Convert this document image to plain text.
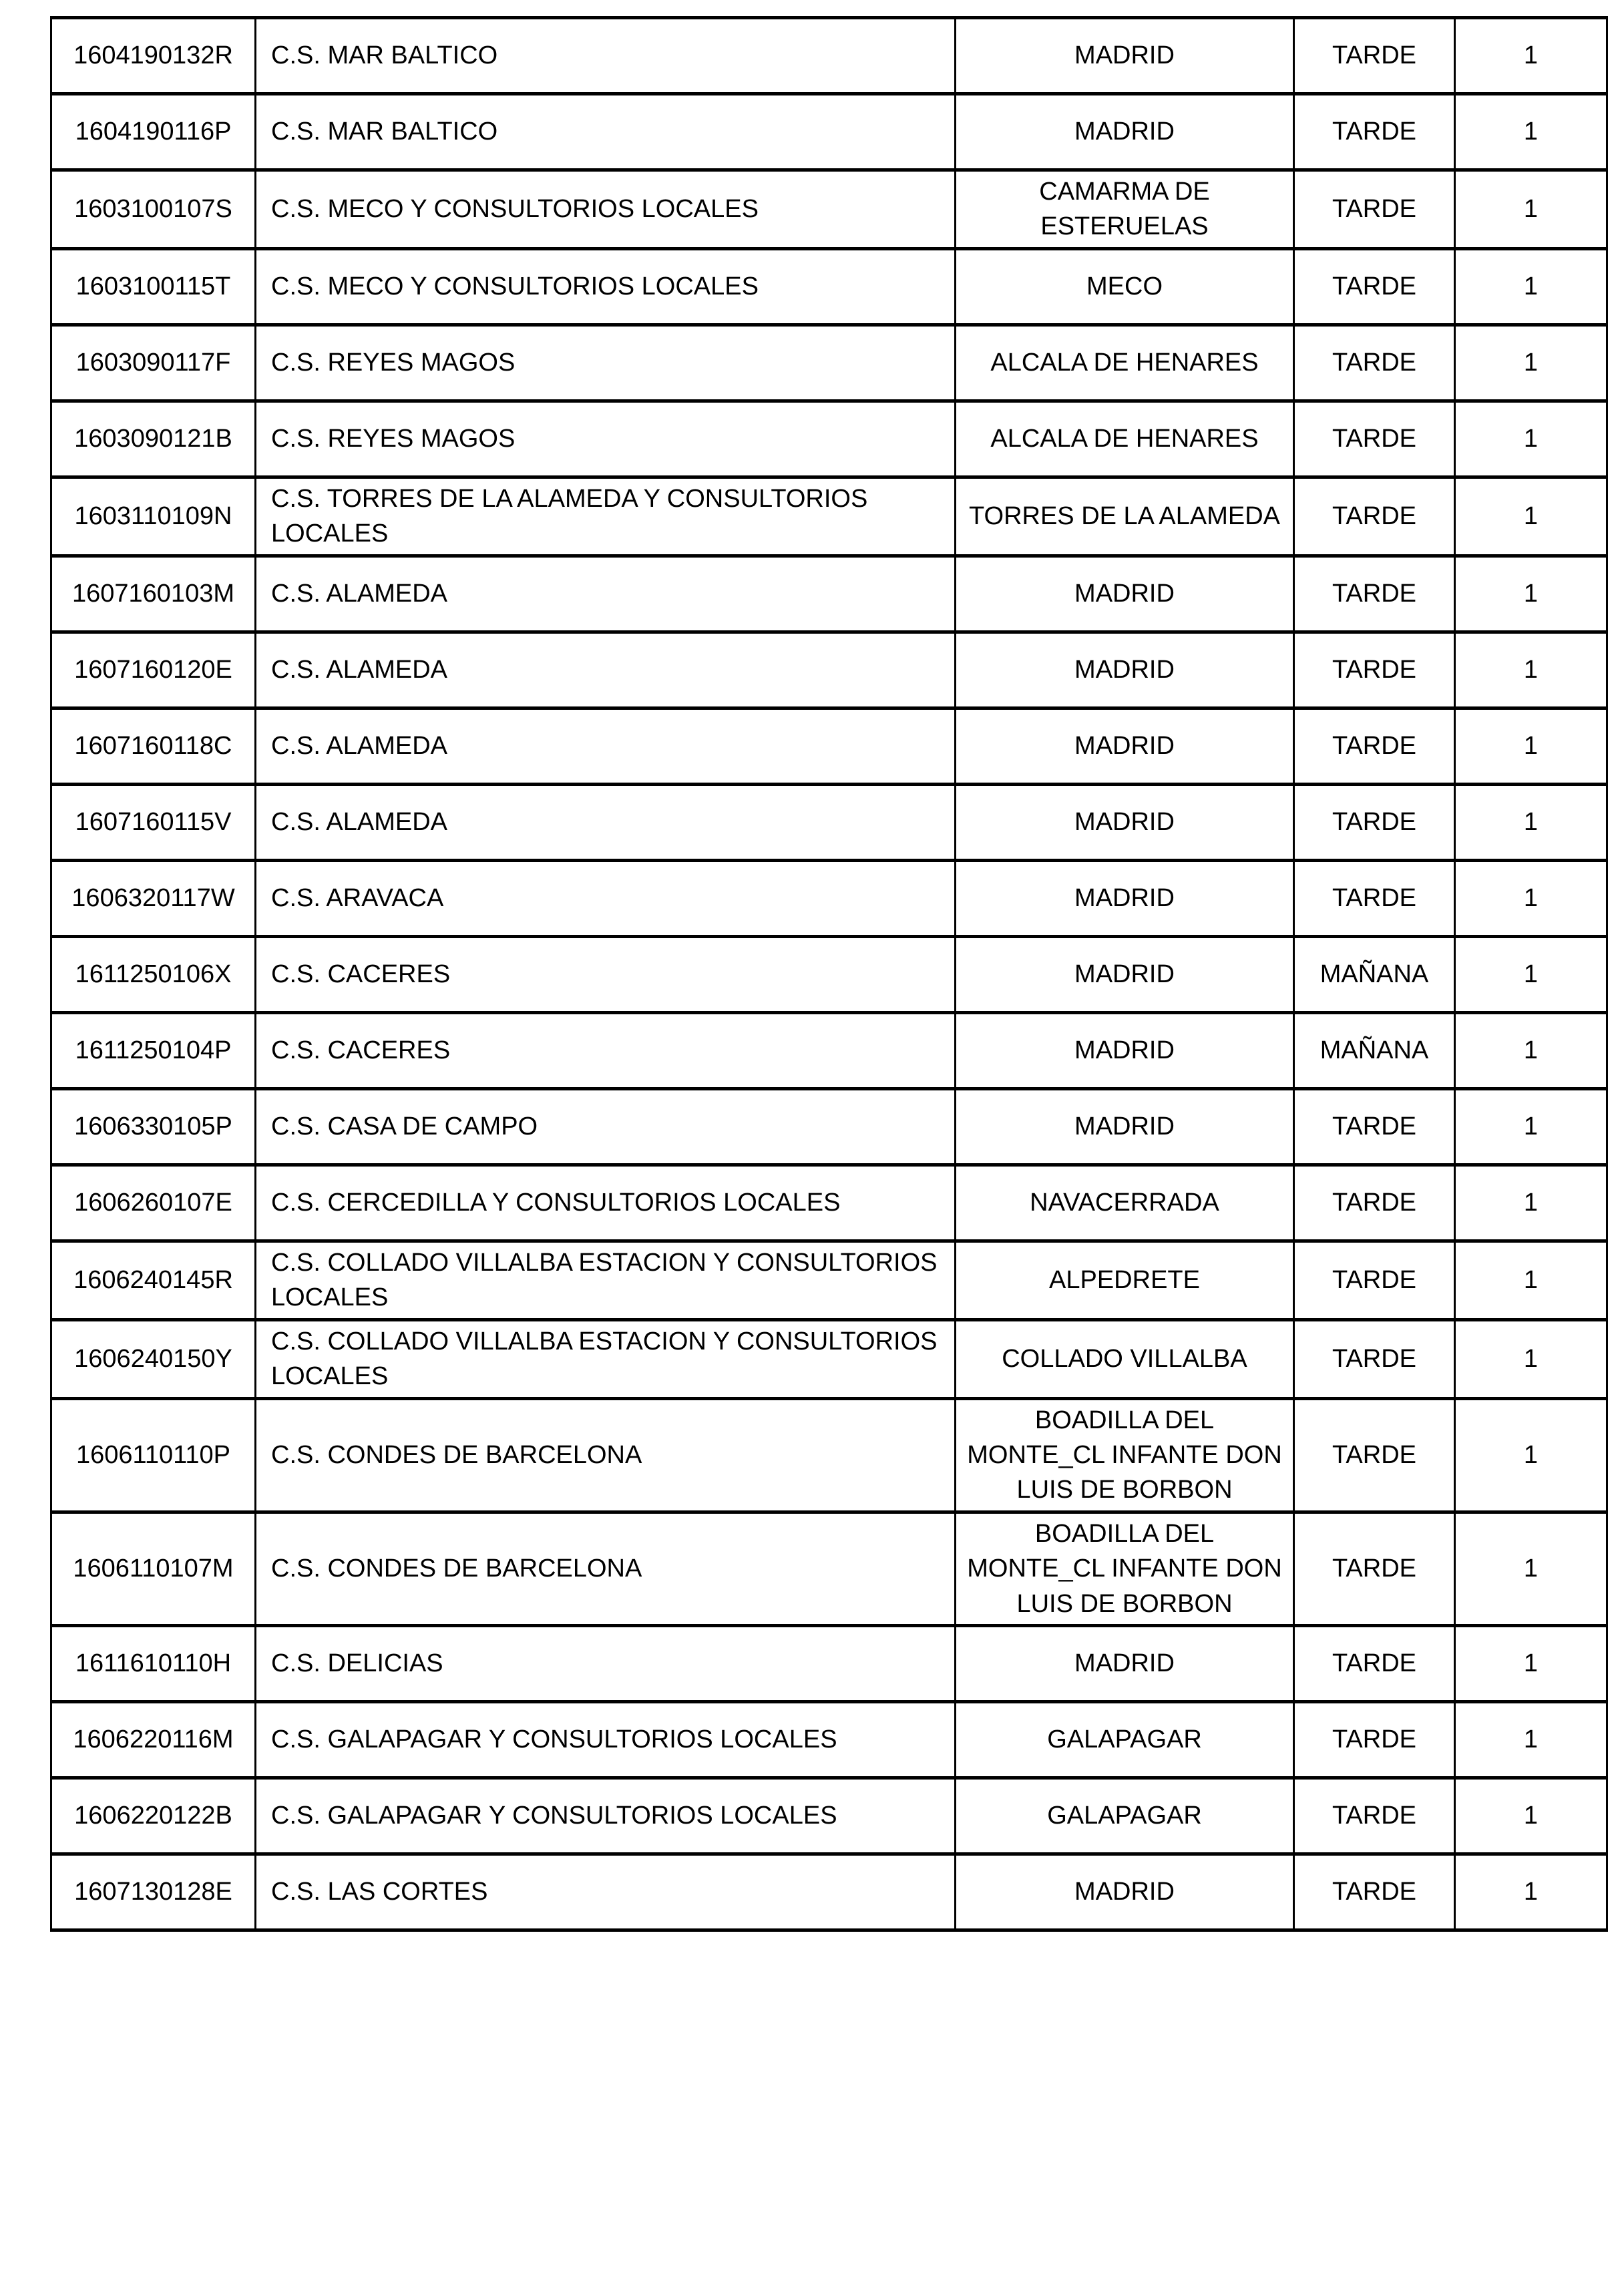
1604190132R	C.S. MAR BALTICO	MADRID	TARDE	1
1604190116P	C.S. MAR BALTICO	MADRID	TARDE	1
1603100107S	C.S. MECO Y CONSULTORIOS LOCALES	CAMARMA DE ESTERUELAS	TARDE	1
1603100115T	C.S. MECO Y CONSULTORIOS LOCALES	MECO	TARDE	1
1603090117F	C.S. REYES MAGOS	ALCALA DE HENARES	TARDE	1
1603090121B	C.S. REYES MAGOS	ALCALA DE HENARES	TARDE	1
1603110109N	C.S. TORRES DE LA ALAMEDA Y CONSULTORIOS LOCALES	TORRES DE LA ALAMEDA	TARDE	1
1607160103M	C.S. ALAMEDA	MADRID	TARDE	1
1607160120E	C.S. ALAMEDA	MADRID	TARDE	1
1607160118C	C.S. ALAMEDA	MADRID	TARDE	1
1607160115V	C.S. ALAMEDA	MADRID	TARDE	1
1606320117W	C.S. ARAVACA	MADRID	TARDE	1
1611250106X	C.S. CACERES	MADRID	MAÑANA	1
1611250104P	C.S. CACERES	MADRID	MAÑANA	1
1606330105P	C.S. CASA DE CAMPO	MADRID	TARDE	1
1606260107E	C.S. CERCEDILLA Y CONSULTORIOS LOCALES	NAVACERRADA	TARDE	1
1606240145R	C.S. COLLADO VILLALBA ESTACION Y CONSULTORIOS LOCALES	ALPEDRETE	TARDE	1
1606240150Y	C.S. COLLADO VILLALBA ESTACION Y CONSULTORIOS LOCALES	COLLADO VILLALBA	TARDE	1
1606110110P	C.S. CONDES DE BARCELONA	BOADILLA DEL MONTE_CL INFANTE DON LUIS DE BORBON	TARDE	1
1606110107M	C.S. CONDES DE BARCELONA	BOADILLA DEL MONTE_CL INFANTE DON LUIS DE BORBON	TARDE	1
1611610110H	C.S. DELICIAS	MADRID	TARDE	1
1606220116M	C.S. GALAPAGAR Y CONSULTORIOS LOCALES	GALAPAGAR	TARDE	1
1606220122B	C.S. GALAPAGAR Y CONSULTORIOS LOCALES	GALAPAGAR	TARDE	1
1607130128E	C.S. LAS CORTES	MADRID	TARDE	1
